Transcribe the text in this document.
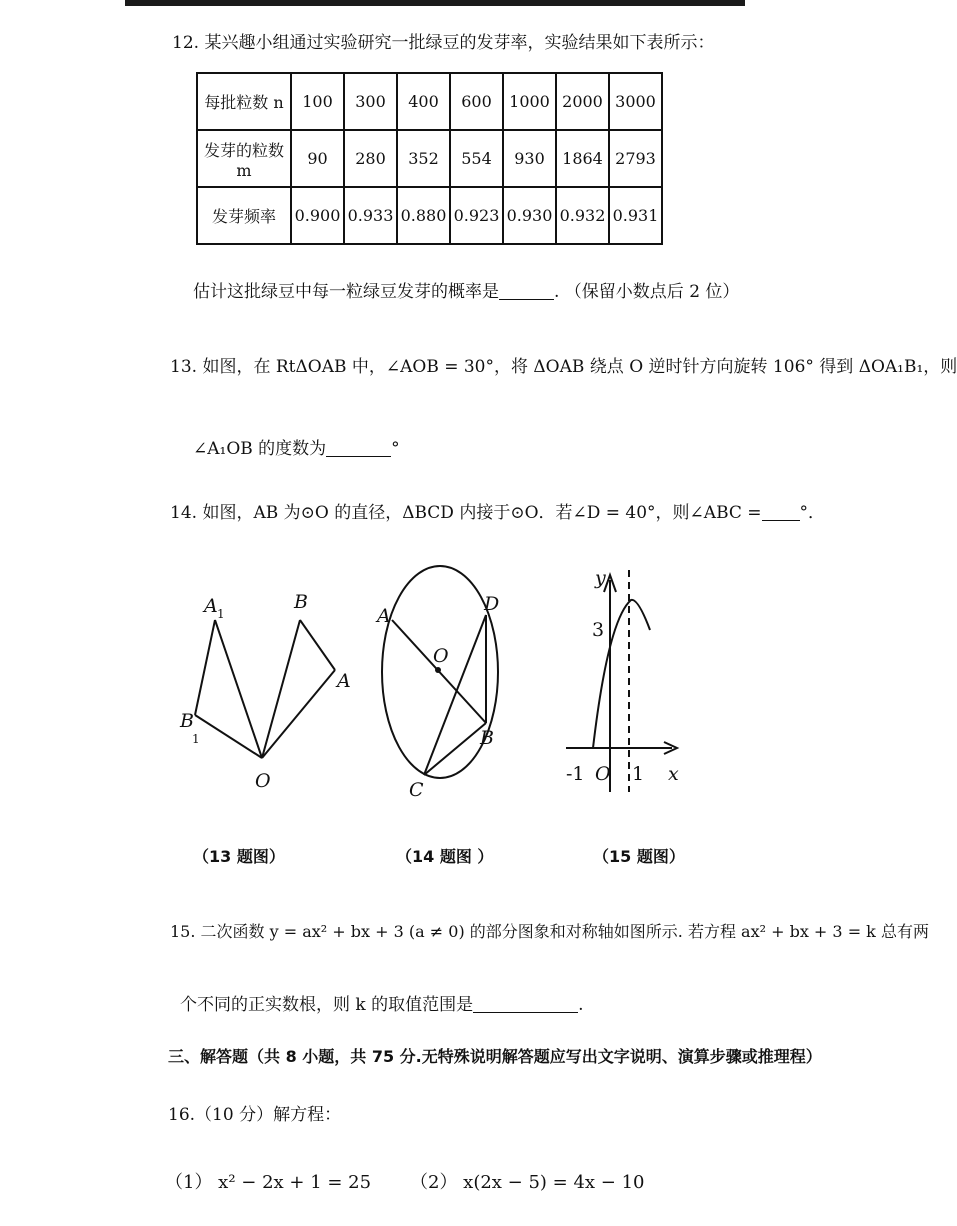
12. 某兴趣小组通过实验研究一批绿豆的发芽率，实验结果如下表所示：
每批粒数 n	100	300	400	600	1000	2000	3000
发芽的粒数 m	90	280	352	554	930	1864	2793
发芽频率	0.900	0.933	0.880	0.923	0.930	0.932	0.931
估计这批绿豆中每一粒绿豆发芽的概率是	. （保留小数点后 2 位）
13. 如图，在 RtΔOAB 中，∠AOB = 30°，将 ΔOAB 绕点 O 逆时针方向旋转 106° 得到 ΔOA₁B₁，则
∠A₁OB 的度数为	°
14. 如图，AB 为⊙O 的直径，ΔBCD 内接于⊙O．若∠D = 40°，则∠ABC = °．
A 1
B
A
B
1
O
A
D
O
B
C
y
3
-1 O 1 x
（13 题图）	（14 题图 ）	（15 题图）
15. 二次函数 y = ax² + bx + 3 (a ≠ 0) 的部分图象和对称轴如图所示. 若方程 ax² + bx + 3 = k 总有两
个不同的正实数根，则 k 的取值范围是	.
三、解答题（共 8 小题，共 75 分.无特殊说明解答题应写出文字说明、演算步骤或推理程）
16.（10 分）解方程：
（1） x² − 2x + 1 = 25 （2） x(2x − 5) = 4x − 10
